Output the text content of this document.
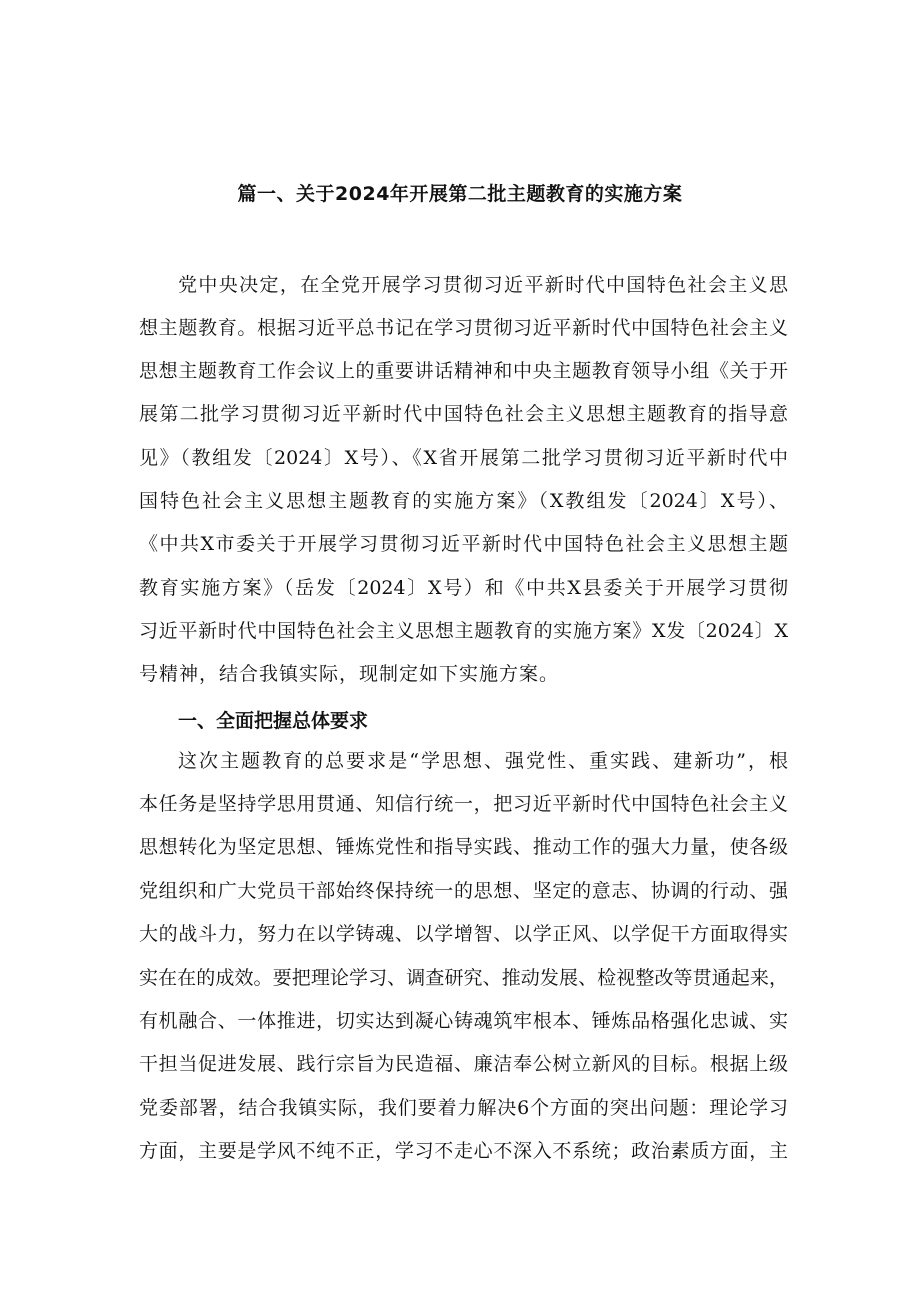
篇一、关于2024年开展第二批主题教育的实施方案
党中央决定，在全党开展学习贯彻习近平新时代中国特色社会主义思
想主题教育。根据习近平总书记在学习贯彻习近平新时代中国特色社会主义
思想主题教育工作会议上的重要讲话精神和中央主题教育领导小组《关于开
展第二批学习贯彻习近平新时代中国特色社会主义思想主题教育的指导意
见》（教组发〔2024〕X号）、《X省开展第二批学习贯彻习近平新时代中
国特色社会主义思想主题教育的实施方案》（X教组发〔2024〕X号）、
《中共X市委关于开展学习贯彻习近平新时代中国特色社会主义思想主题
教育实施方案》（岳发〔2024〕X号）和《中共X县委关于开展学习贯彻
习近平新时代中国特色社会主义思想主题教育的实施方案》X发〔2024〕X
号精神，结合我镇实际，现制定如下实施方案。
一、全面把握总体要求
这次主题教育的总要求是“学思想、强党性、重实践、建新功”，根
本任务是坚持学思用贯通、知信行统一，把习近平新时代中国特色社会主义
思想转化为坚定思想、锤炼党性和指导实践、推动工作的强大力量，使各级
党组织和广大党员干部始终保持统一的思想、坚定的意志、协调的行动、强
大的战斗力，努力在以学铸魂、以学增智、以学正风、以学促干方面取得实
实在在的成效。要把理论学习、调查研究、推动发展、检视整改等贯通起来，
有机融合、一体推进，切实达到凝心铸魂筑牢根本、锤炼品格强化忠诚、实
干担当促进发展、践行宗旨为民造福、廉洁奉公树立新风的目标。根据上级
党委部署，结合我镇实际，我们要着力解决6个方面的突出问题：理论学习
方面，主要是学风不纯不正，学习不走心不深入不系统；政治素质方面，主
